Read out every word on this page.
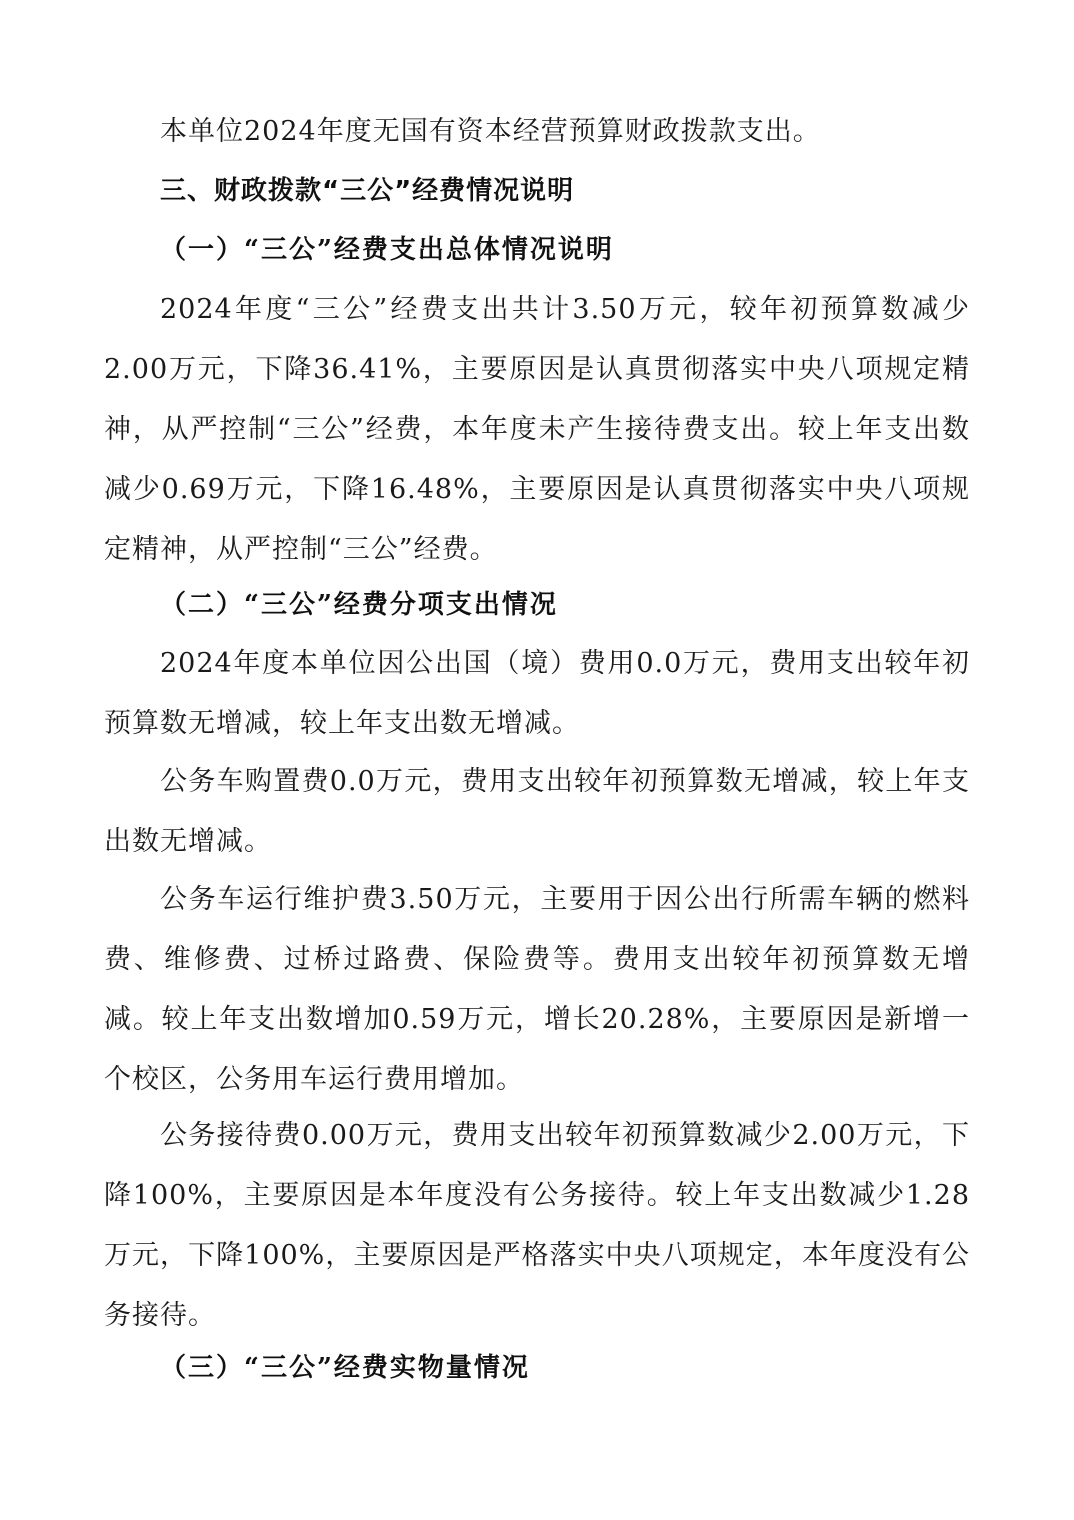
本单位2024年度无国有资本经营预算财政拨款支出。

三、财政拨款“三公”经费情况说明
（一）“三公”经费支出总体情况说明

2024年度“三公”经费支出共计3.50万元，较年初预算数减少2.00万元，下降36.41%，主要原因是认真贯彻落实中央八项规定精神，从严控制“三公”经费，本年度未产生接待费支出。较上年支出数减少0.69万元，下降16.48%，主要原因是认真贯彻落实中央八项规定精神，从严控制“三公”经费。

（二）“三公”经费分项支出情况

2024年度本单位因公出国（境）费用0.0万元，费用支出较年初预算数无增减，较上年支出数无增减。

公务车购置费0.0万元，费用支出较年初预算数无增减，较上年支出数无增减。

公务车运行维护费3.50万元，主要用于因公出行所需车辆的燃料费、维修费、过桥过路费、保险费等。费用支出较年初预算数无增减。较上年支出数增加0.59万元，增长20.28%，主要原因是新增一个校区，公务用车运行费用增加。

公务接待费0.00万元，费用支出较年初预算数减少2.00万元，下降100%，主要原因是本年度没有公务接待。较上年支出数减少1.28万元，下降100%，主要原因是严格落实中央八项规定，本年度没有公务接待。

（三）“三公”经费实物量情况
